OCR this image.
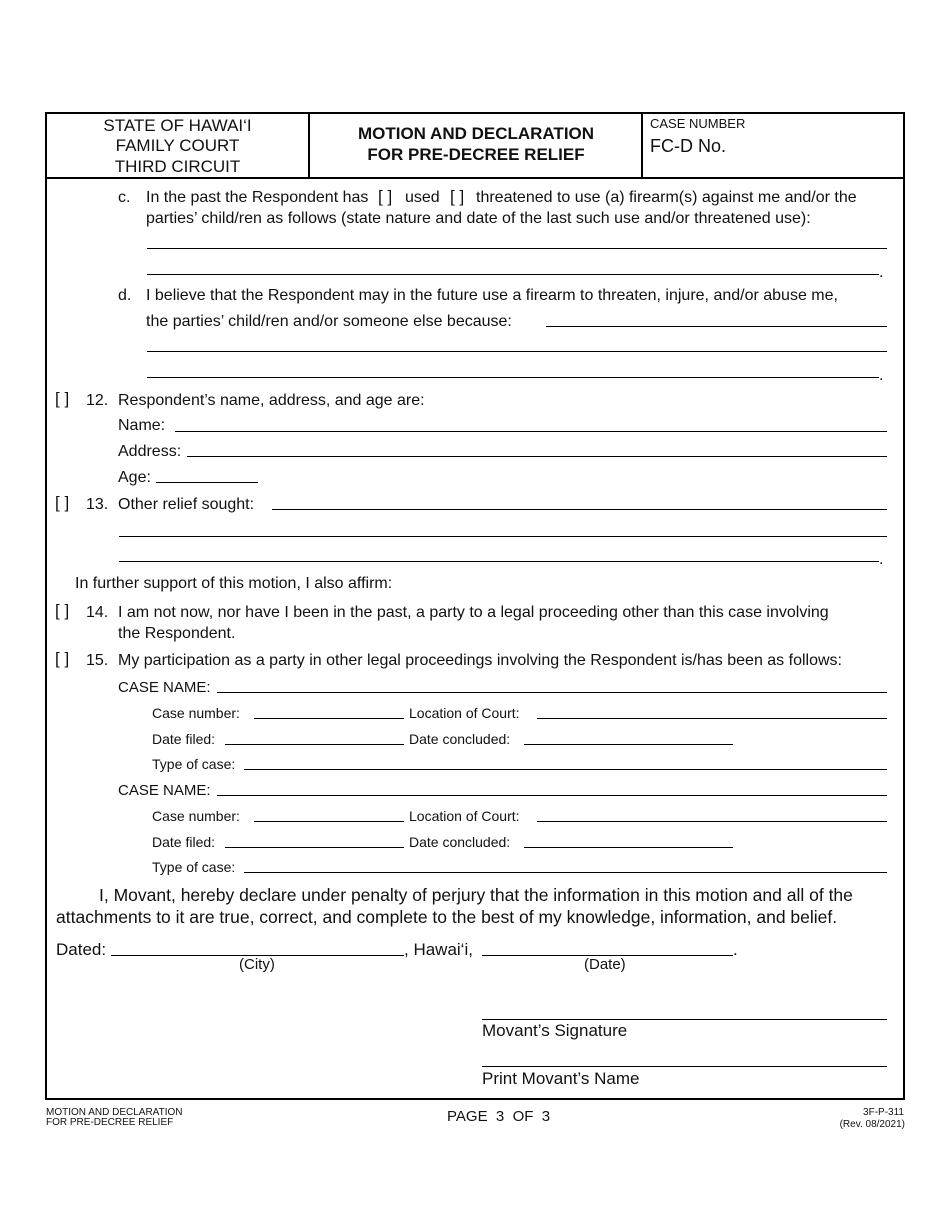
STATE OF HAWAI‘I
FAMILY COURT
THIRD CIRCUIT
MOTION AND DECLARATION
FOR PRE-DECREE RELIEF
CASE NUMBER
FC-D No.
c. In the past the Respondent has [ ] used [ ] threatened to use (a) firearm(s) against me and/or the
parties’ child/ren as follows (state nature and date of the last such use and/or threatened use):
.
d. I believe that the Respondent may in the future use a firearm to threaten, injure, and/or abuse me,
the parties’ child/ren and/or someone else because:
.
[ ] 12. Respondent’s name, address, and age are:
Name:
Address:
Age:
[ ] 13. Other relief sought:
.
In further support of this motion, I also affirm:
[ ] 14. I am not now, nor have I been in the past, a party to a legal proceeding other than this case involving
the Respondent.
[ ] 15. My participation as a party in other legal proceedings involving the Respondent is/has been as follows:
CASE NAME:
Case number:	Location of Court:
Date filed:	Date concluded:
Type of case:
CASE NAME:
Case number:	Location of Court:
Date filed:	Date concluded:
Type of case:
I, Movant, hereby declare under penalty of perjury that the information in this motion and all of the
attachments to it are true, correct, and complete to the best of my knowledge, information, and belief.
Dated:	, Hawai‘i,	.
(City)	(Date)
Movant’s Signature
Print Movant’s Name
MOTION AND DECLARATION
FOR PRE-DECREE RELIEF	PAGE  3  OF  3	3F-P-311
(Rev. 08/2021)
